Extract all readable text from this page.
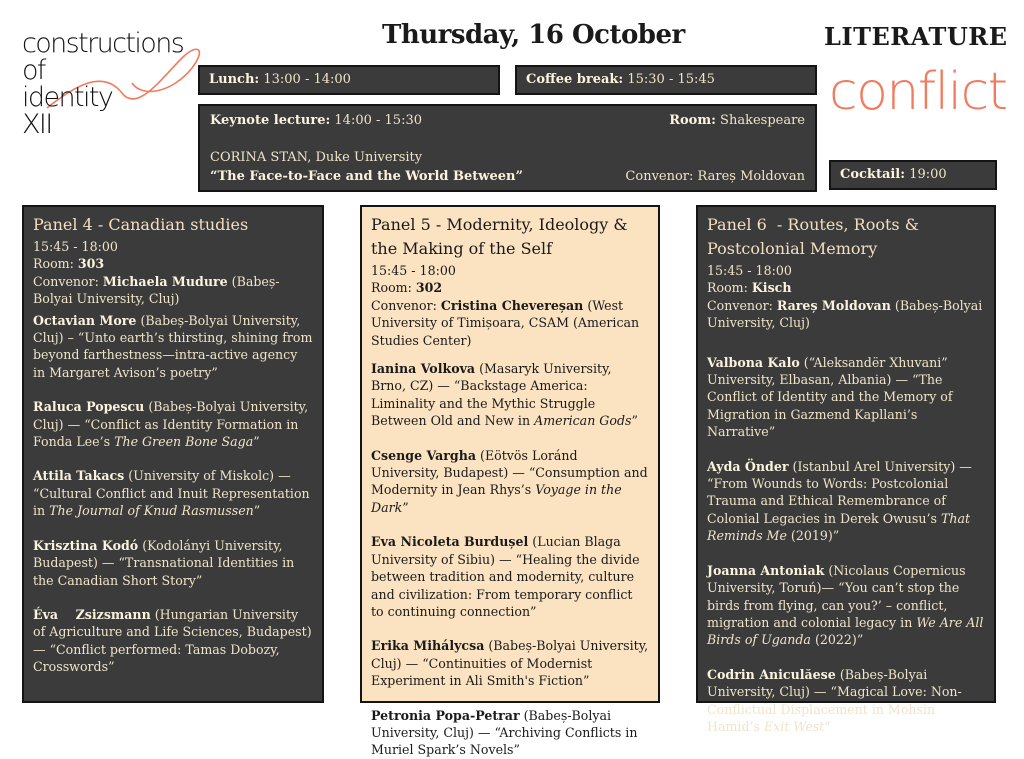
constructions
of
identity
XII
Thursday, 16 October	LITERATURE
conflict
Lunch: 13:00 - 14:00	Coffee break: 15:30 - 15:45
Keynote lecture: 14:00 - 15:30	Room: Shakespeare
CORINA STAN, Duke University
“The Face-to-Face and the World Between”	Convenor: Rareș Moldovan	Cocktail: 19:00
Panel 4 - Canadian studies
15:45 - 18:00
Room: 303
Convenor: Michaela Mudure (Babeș-Bolyai University, Cluj)
Octavian More (Babeș-Bolyai University, Cluj) – “Unto earth’s thirsting, shining from beyond farthestness—intra-active agency in Margaret Avison’s poetry”
Raluca Popescu (Babeș-Bolyai University, Cluj) — “Conflict as Identity Formation in Fonda Lee’s The Green Bone Saga”
Attila Takacs (University of Miskolc) — “Cultural Conflict and Inuit Representation in The Journal of Knud Rasmussen”
Krisztina Kodó (Kodolányi University, Budapest) — “Transnational Identities in the Canadian Short Story”
Éva    Zsizsmann (Hungarian University of Agriculture and Life Sciences, Budapest) — “Conflict performed: Tamas Dobozy, Crosswords”
Panel 5 - Modernity, Ideology & the Making of the Self
15:45 - 18:00
Room: 302
Convenor: Cristina Chevereșan (West University of Timișoara, CSAM (American Studies Center)
Ianina Volkova (Masaryk University, Brno, CZ) — “Backstage America: Liminality and the Mythic Struggle Between Old and New in American Gods”
Csenge Vargha (Eötvös Loránd University, Budapest) — “Consumption and Modernity in Jean Rhys’s Voyage in the Dark”
Eva Nicoleta Burdușel (Lucian Blaga University of Sibiu) — “Healing the divide between tradition and modernity, culture and civilization: From temporary conflict to continuing connection”
Erika Mihálycsa (Babeș-Bolyai University, Cluj) — “Continuities of Modernist Experiment in Ali Smith's Fiction”
Petronia Popa-Petrar (Babeș-Bolyai University, Cluj) — “Archiving Conflicts in Muriel Spark’s Novels”
Panel 6  - Routes, Roots & Postcolonial Memory
15:45 - 18:00
Room: Kisch
Convenor: Rareș Moldovan (Babeș-Bolyai University, Cluj)
Valbona Kalo (“Aleksandër Xhuvani” University, Elbasan, Albania) — “The Conflict of Identity and the Memory of Migration in Gazmend Kapllani’s Narrative”
Ayda Önder (Istanbul Arel University) — “From Wounds to Words: Postcolonial Trauma and Ethical Remembrance of Colonial Legacies in Derek Owusu’s That Reminds Me (2019)”
Joanna Antoniak (Nicolaus Copernicus University, Toruń)— “You can’t stop the birds from flying, can you?’ – conflict, migration and colonial legacy in We Are All Birds of Uganda (2022)”
Codrin Aniculăese (Babeș-Bolyai University, Cluj) — “Magical Love: Non-Conflictual Displacement in Mohsin Hamid’s Exit West”
